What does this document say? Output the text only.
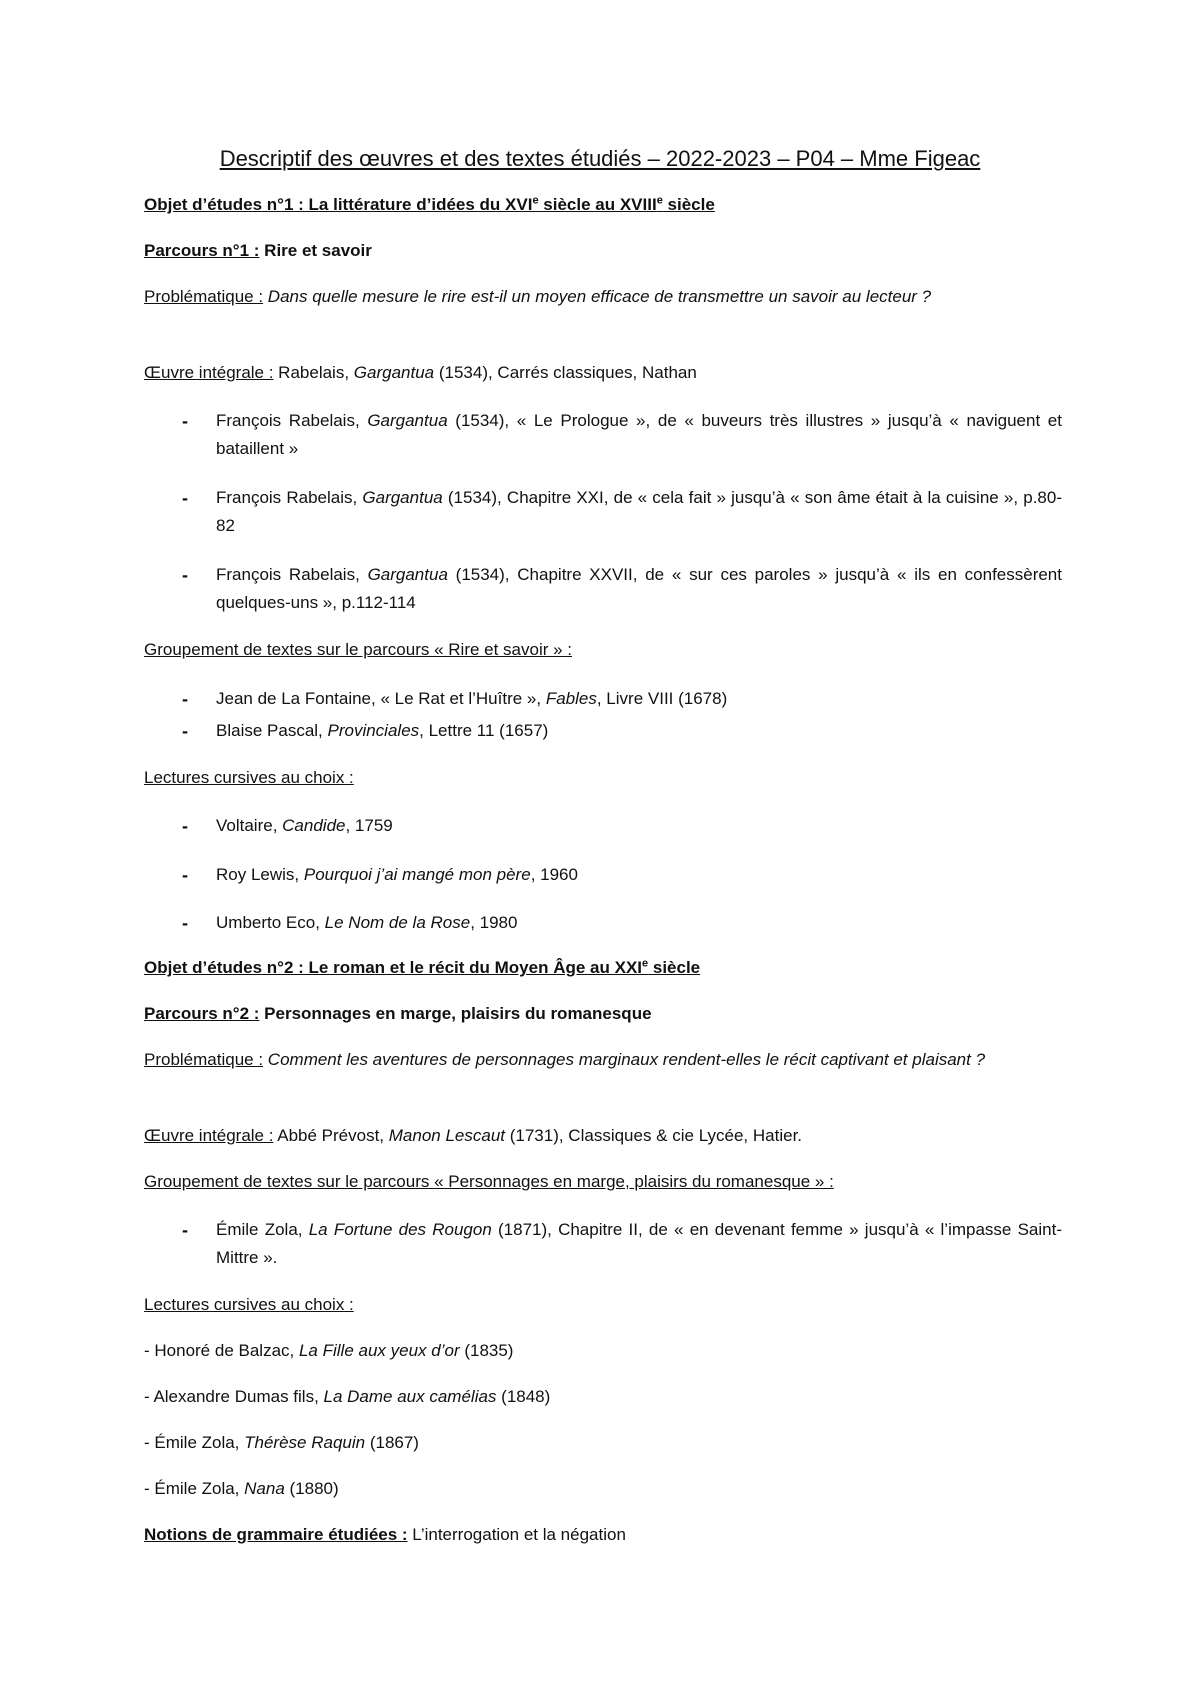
Descriptif des œuvres et des textes étudiés – 2022-2023 – P04 – Mme Figeac
Objet d’études n°1 : La littérature d’idées du XVIe siècle au XVIIIe siècle
Parcours n°1 : Rire et savoir
Problématique : Dans quelle mesure le rire est-il un moyen efficace de transmettre un savoir au lecteur ?
Œuvre intégrale : Rabelais, Gargantua (1534), Carrés classiques, Nathan
-	François Rabelais, Gargantua (1534), « Le Prologue », de « buveurs très illustres » jusqu’à « naviguent et bataillent »
-	François Rabelais, Gargantua (1534), Chapitre XXI, de « cela fait » jusqu’à « son âme était à la cuisine », p.80-82
-	François Rabelais, Gargantua (1534), Chapitre XXVII, de « sur ces paroles » jusqu’à « ils en confessèrent quelques-uns », p.112-114
Groupement de textes sur le parcours « Rire et savoir » :
-	Jean de La Fontaine, « Le Rat et l’Huître », Fables, Livre VIII (1678)
-	Blaise Pascal, Provinciales, Lettre 11 (1657)
Lectures cursives au choix :
-	Voltaire, Candide, 1759
-	Roy Lewis, Pourquoi j’ai mangé mon père, 1960
-	Umberto Eco, Le Nom de la Rose, 1980
Objet d’études n°2 : Le roman et le récit du Moyen Âge au XXIe siècle
Parcours n°2 : Personnages en marge, plaisirs du romanesque
Problématique : Comment les aventures de personnages marginaux rendent-elles le récit captivant et plaisant ?
Œuvre intégrale : Abbé Prévost, Manon Lescaut (1731), Classiques & cie Lycée, Hatier.
Groupement de textes sur le parcours « Personnages en marge, plaisirs du romanesque » :
-	Émile Zola, La Fortune des Rougon (1871), Chapitre II, de « en devenant femme » jusqu’à « l’impasse Saint-Mittre ».
Lectures cursives au choix :
- Honoré de Balzac, La Fille aux yeux d’or (1835)
- Alexandre Dumas fils, La Dame aux camélias (1848)
- Émile Zola, Thérèse Raquin (1867)
- Émile Zola, Nana (1880)
Notions de grammaire étudiées : L’interrogation et la négation
